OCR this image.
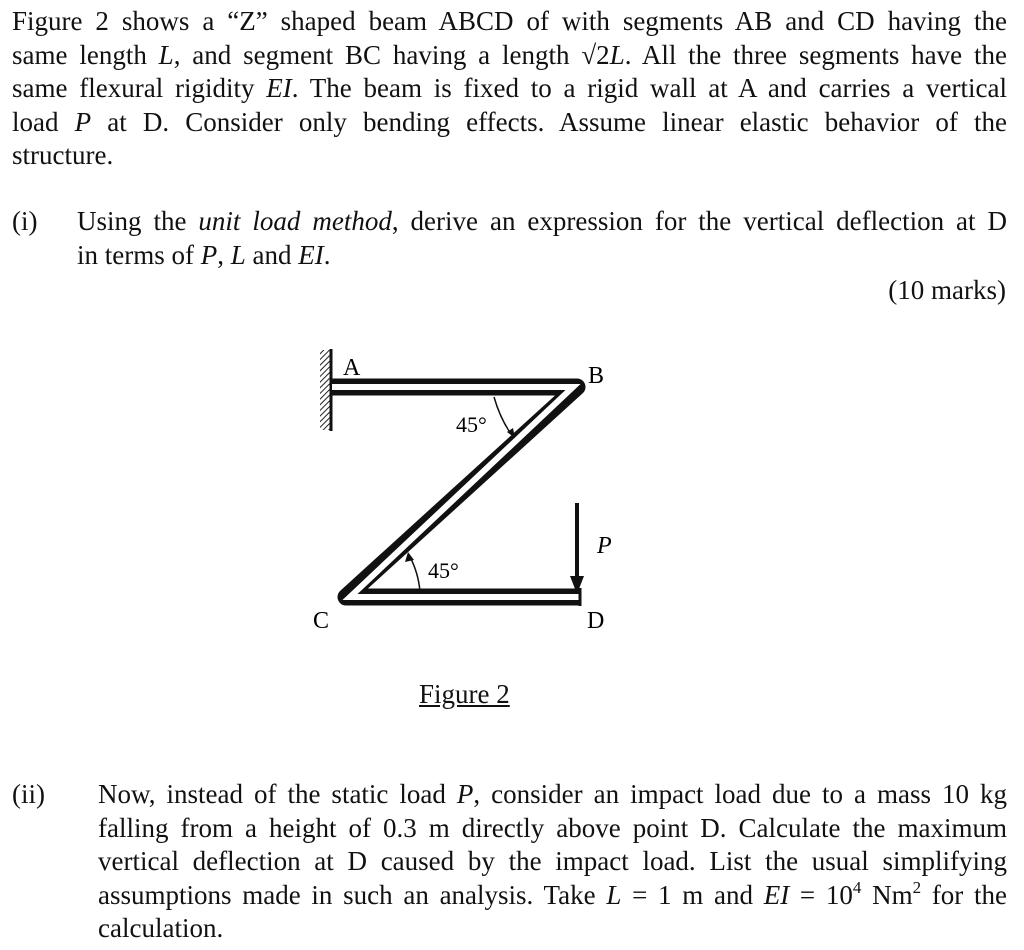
Figure 2 shows a “Z” shaped beam ABCD of with segments AB and CD having the
same length L, and segment BC having a length √2L. All the three segments have the
same flexural rigidity EI. The beam is fixed to a rigid wall at A and carries a vertical
load P at D. Consider only bending effects. Assume linear elastic behavior of the
structure.
(i) Using the unit load method, derive an expression for the vertical deflection at D
in terms of P, L and EI.
(10 marks)
A	B
C	D
P
45°
45°
Figure 2
(ii) Now, instead of the static load P, consider an impact load due to a mass 10 kg
falling from a height of 0.3 m directly above point D. Calculate the maximum
vertical deflection at D caused by the impact load. List the usual simplifying
assumptions made in such an analysis. Take L = 1 m and EI = $10^4$ Nm$^2$ for the
calculation.
